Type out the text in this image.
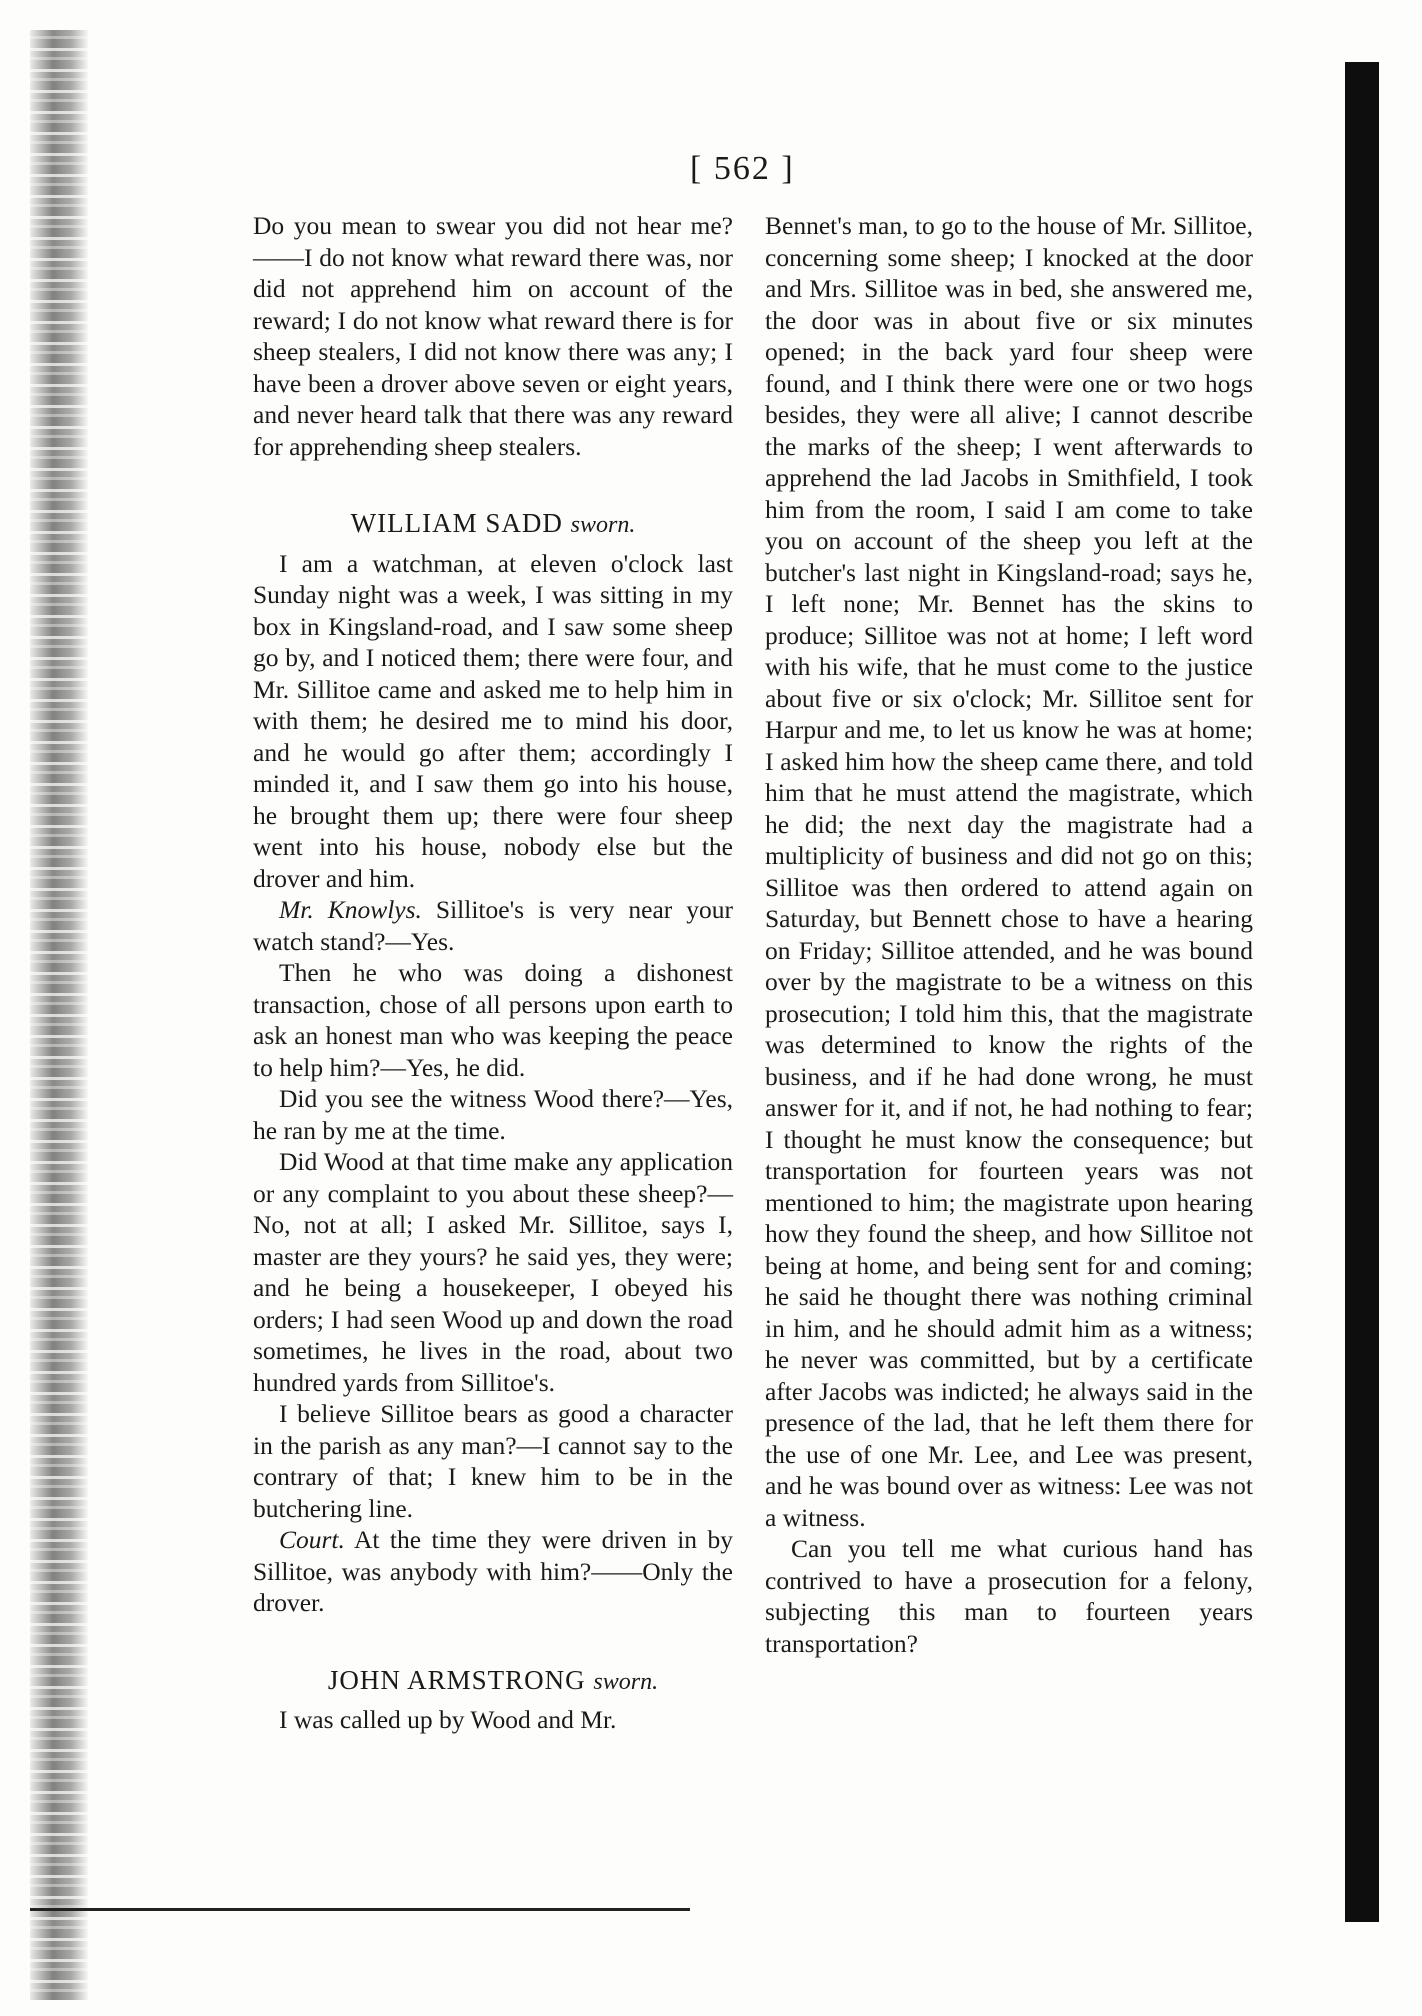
[ 562 ]

Do you mean to swear you did not hear me?——I do not know what reward there was, nor did not apprehend him on account of the reward; I do not know what reward there is for sheep stealers, I did not know there was any; I have been a drover above seven or eight years, and never heard talk that there was any reward for apprehending sheep stealers.

WILLIAM SADD sworn.

I am a watchman, at eleven o'clock last Sunday night was a week, I was sitting in my box in Kingsland-road, and I saw some sheep go by, and I noticed them; there were four, and Mr. Sillitoe came and asked me to help him in with them; he desired me to mind his door, and he would go after them; accordingly I minded it, and I saw them go into his house, he brought them up; there were four sheep went into his house, nobody else but the drover and him.

Mr. Knowlys. Sillitoe's is very near your watch stand?—Yes.

Then he who was doing a dishonest transaction, chose of all persons upon earth to ask an honest man who was keeping the peace to help him?—Yes, he did.

Did you see the witness Wood there?—Yes, he ran by me at the time.

Did Wood at that time make any application or any complaint to you about these sheep?—No, not at all; I asked Mr. Sillitoe, says I, master are they yours? he said yes, they were; and he being a housekeeper, I obeyed his orders; I had seen Wood up and down the road sometimes, he lives in the road, about two hundred yards from Sillitoe's.

I believe Sillitoe bears as good a character in the parish as any man?—I cannot say to the contrary of that; I knew him to be in the butchering line.

Court. At the time they were driven in by Sillitoe, was anybody with him?——Only the drover.

JOHN ARMSTRONG sworn.

I was called up by Wood and Mr.

Bennet's man, to go to the house of Mr. Sillitoe, concerning some sheep; I knocked at the door and Mrs. Sillitoe was in bed, she answered me, the door was in about five or six minutes opened; in the back yard four sheep were found, and I think there were one or two hogs besides, they were all alive; I cannot describe the marks of the sheep; I went afterwards to apprehend the lad Jacobs in Smithfield, I took him from the room, I said I am come to take you on account of the sheep you left at the butcher's last night in Kingsland-road; says he, I left none; Mr. Bennet has the skins to produce; Sillitoe was not at home; I left word with his wife, that he must come to the justice about five or six o'clock; Mr. Sillitoe sent for Harpur and me, to let us know he was at home; I asked him how the sheep came there, and told him that he must attend the magistrate, which he did; the next day the magistrate had a multiplicity of business and did not go on this; Sillitoe was then ordered to attend again on Saturday, but Bennett chose to have a hearing on Friday; Sillitoe attended, and he was bound over by the magistrate to be a witness on this prosecution; I told him this, that the magistrate was determined to know the rights of the business, and if he had done wrong, he must answer for it, and if not, he had nothing to fear; I thought he must know the consequence; but transportation for fourteen years was not mentioned to him; the magistrate upon hearing how they found the sheep, and how Sillitoe not being at home, and being sent for and coming; he said he thought there was nothing criminal in him, and he should admit him as a witness; he never was committed, but by a certificate after Jacobs was indicted; he always said in the presence of the lad, that he left them there for the use of one Mr. Lee, and Lee was present, and he was bound over as witness: Lee was not a witness.

Can you tell me what curious hand has contrived to have a prosecution for a felony, subjecting this man to fourteen years transportation?
